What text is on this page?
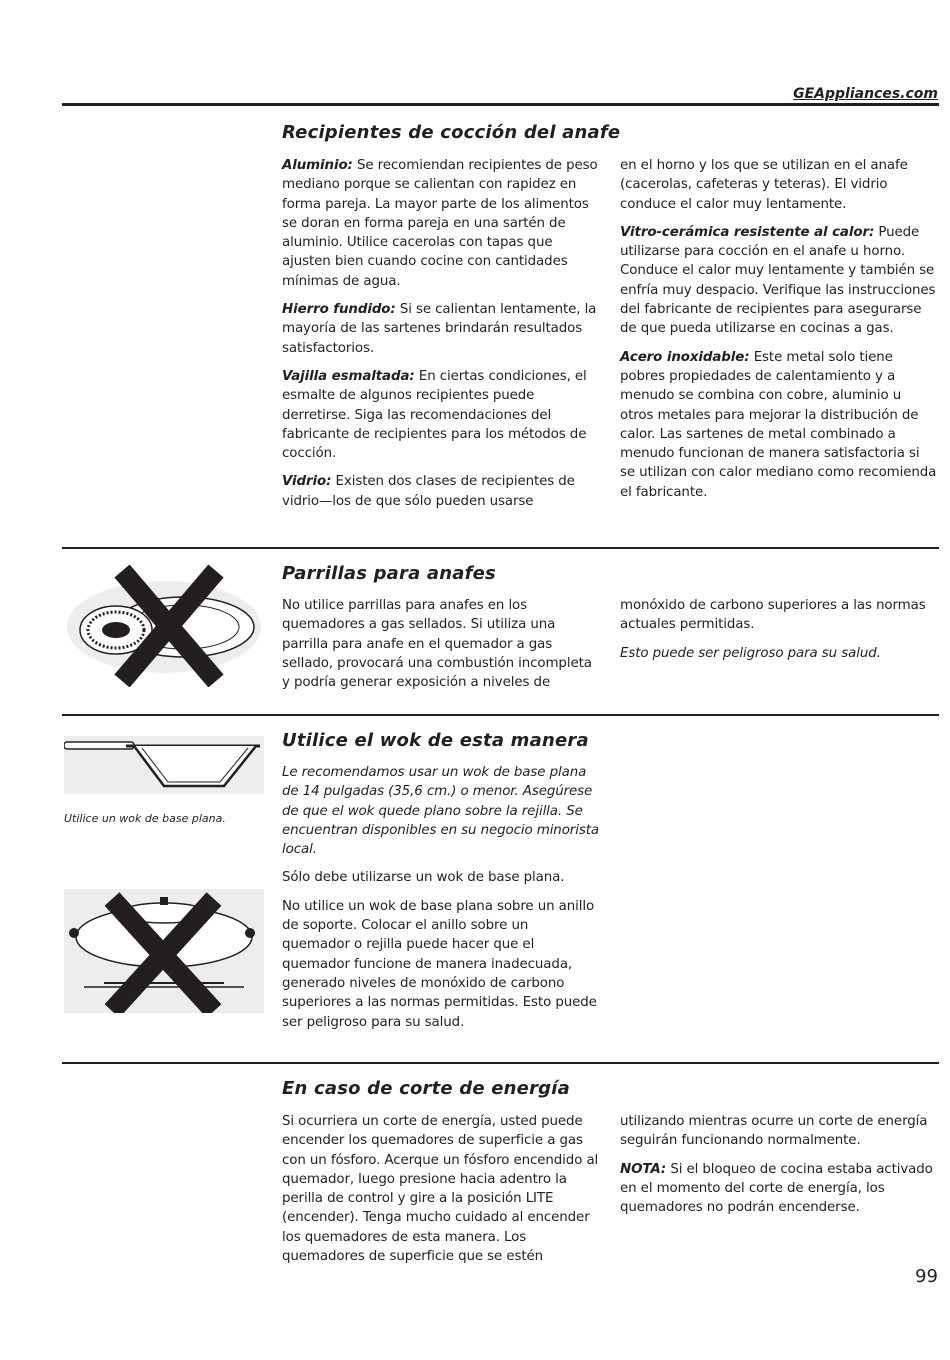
GEAppliances.com
Recipientes de cocción del anafe

Aluminio: Se recomiendan recipientes de peso mediano porque se calientan con rapidez en forma pareja. La mayor parte de los alimentos se doran en forma pareja en una sartén de aluminio. Utilice cacerolas con tapas que ajusten bien cuando cocine con cantidades mínimas de agua.

Hierro fundido: Si se calientan lentamente, la mayoría de las sartenes brindarán resultados satisfactorios.

Vajilla esmaltada: En ciertas condiciones, el esmalte de algunos recipientes puede derretirse. Siga las recomendaciones del fabricante de recipientes para los métodos de cocción.

Vidrio: Existen dos clases de recipientes de vidrio—los de que sólo pueden usarse

en el horno y los que se utilizan en el anafe (cacerolas, cafeteras y teteras). El vidrio conduce el calor muy lentamente.

Vitro-cerámica resistente al calor: Puede utilizarse para cocción en el anafe u horno. Conduce el calor muy lentamente y también se enfría muy despacio. Verifique las instrucciones del fabricante de recipientes para asegurarse de que pueda utilizarse en cocinas a gas.

Acero inoxidable: Este metal solo tiene pobres propiedades de calentamiento y a menudo se combina con cobre, aluminio u otros metales para mejorar la distribución de calor. Las sartenes de metal combinado a menudo funcionan de manera satisfactoria si se utilizan con calor mediano como recomienda el fabricante.

Parrillas para anafes

No utilice parrillas para anafes en los quemadores a gas sellados. Si utiliza una parrilla para anafe en el quemador a gas sellado, provocará una combustión incompleta y podría generar exposición a niveles de

monóxido de carbono superiores a las normas actuales permitidas.

Esto puede ser peligroso para su salud.

Utilice un wok de base plana.
Utilice el wok de esta manera

Le recomendamos usar un wok de base plana de 14 pulgadas (35,6 cm.) o menor. Asegúrese de que el wok quede plano sobre la rejilla. Se encuentran disponibles en su negocio minorista local.

Sólo debe utilizarse un wok de base plana.

No utilice un wok de base plana sobre un anillo de soporte. Colocar el anillo sobre un quemador o rejilla puede hacer que el quemador funcione de manera inadecuada, generado niveles de monóxido de carbono superiores a las normas permitidas. Esto puede ser peligroso para su salud.

En caso de corte de energía

Si ocurriera un corte de energía, usted puede encender los quemadores de superficie a gas con un fósforo. Acerque un fósforo encendido al quemador, luego presione hacia adentro la perilla de control y gire a la posición LITE (encender). Tenga mucho cuidado al encender los quemadores de esta manera. Los quemadores de superficie que se estén

utilizando mientras ocurre un corte de energía seguirán funcionando normalmente.

NOTA: Si el bloqueo de cocina estaba activado en el momento del corte de energía, los quemadores no podrán encenderse.

99
